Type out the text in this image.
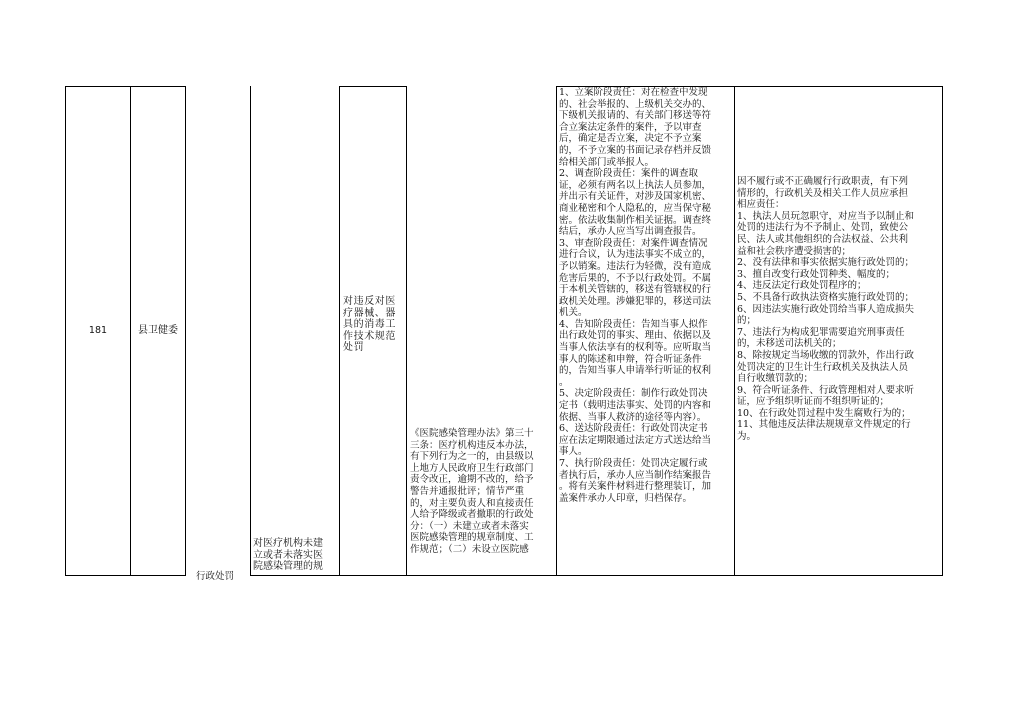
181	县卫健委
行政处罚
对违反对医
疗器械、器
具的消毒工
作技术规范
处罚
对医疗机构未建
立或者未落实医
院感染管理的规
《医院感染管理办法》第三十
三条：医疗机构违反本办法，
有下列行为之一的，由县级以
上地方人民政府卫生行政部门
责令改正，逾期不改的，给予
警告并通报批评；情节严重
的，对主要负责人和直接责任
人给予降级或者撤职的行政处
分：（一）未建立或者未落实
医院感染管理的规章制度、工
作规范；（二）未设立医院感
1、立案阶段责任：对在检查中发现
的、社会举报的、上级机关交办的、
下级机关报请的、有关部门移送等符
合立案法定条件的案件，予以审查
后，确定是否立案，决定不予立案
的，不予立案的书面记录存档并反馈
给相关部门或举报人。
2、调查阶段责任：案件的调查取
证，必须有两名以上执法人员参加，
并出示有关证件，对涉及国家机密、
商业秘密和个人隐私的，应当保守秘
密。依法收集制作相关证据。调查终
结后，承办人应当写出调查报告。
3、审查阶段责任：对案件调查情况
进行合议，认为违法事实不成立的，
予以销案。违法行为轻微，没有造成
危害后果的，不予以行政处罚。不属
于本机关管辖的，移送有管辖权的行
政机关处理。涉嫌犯罪的，移送司法
机关。
4、告知阶段责任：告知当事人拟作
出行政处罚的事实、理由、依据以及
当事人依法享有的权利等。应听取当
事人的陈述和申辩，符合听证条件
的，告知当事人申请举行听证的权利
。
5、决定阶段责任：制作行政处罚决
定书（载明违法事实、处罚的内容和
依据、当事人救济的途径等内容）。
6、送达阶段责任：行政处罚决定书
应在法定期限通过法定方式送达给当
事人。
7、执行阶段责任：处罚决定履行或
者执行后，承办人应当制作结案报告
。将有关案件材料进行整理装订，加
盖案件承办人印章，归档保存。
因不履行或不正确履行行政职责，有下列
情形的，行政机关及相关工作人员应承担
相应责任：
1、执法人员玩忽职守，对应当予以制止和
处罚的违法行为不予制止、处罚，致使公
民、法人或其他组织的合法权益、公共利
益和社会秩序遭受损害的；
2、没有法律和事实依据实施行政处罚的；
3、擅自改变行政处罚种类、幅度的；
4、违反法定行政处罚程序的；
5、不具备行政执法资格实施行政处罚的；
6、因违法实施行政处罚给当事人造成损失
的；
7、违法行为构成犯罪需要追究刑事责任
的，未移送司法机关的；
8、除按规定当场收缴的罚款外，作出行政
处罚决定的卫生计生行政机关及执法人员
自行收缴罚款的；
9、符合听证条件、行政管理相对人要求听
证，应予组织听证而不组织听证的；
10、在行政处罚过程中发生腐败行为的；
11、其他违反法律法规规章文件规定的行
为。
